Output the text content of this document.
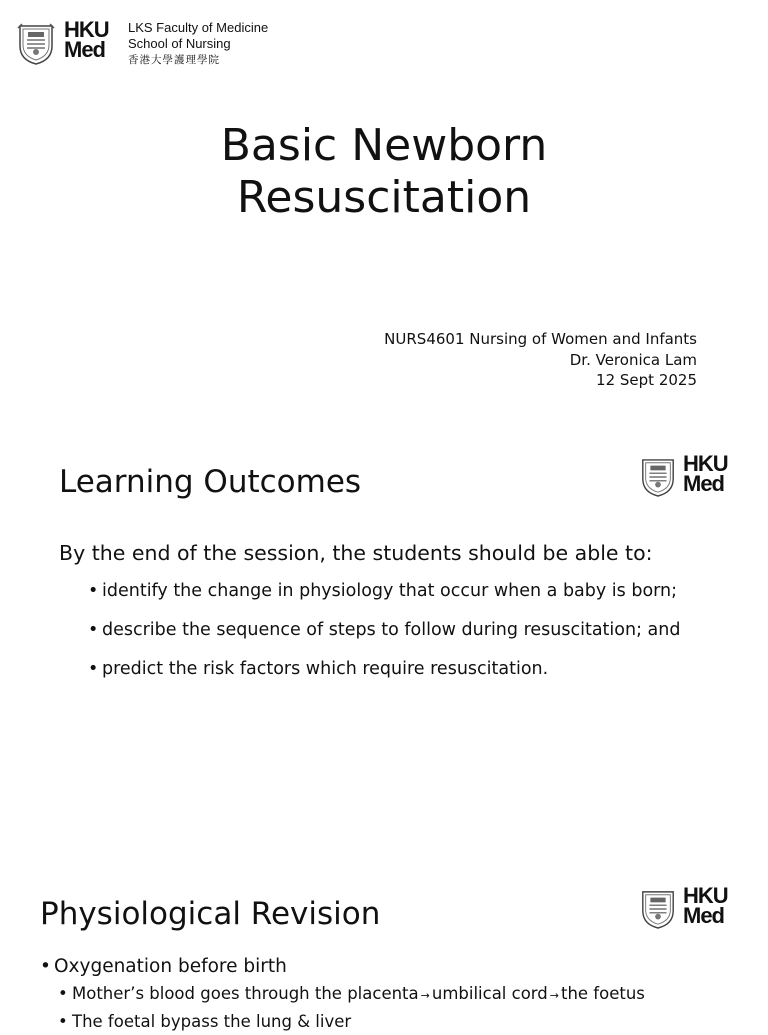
HKU
Med
LKS Faculty of Medicine
School of Nursing
香港大學護理學院
Basic Newborn
Resuscitation
NURS4601 Nursing of Women and Infants
Dr. Veronica Lam
12 Sept 2025
Learning Outcomes
HKU
Med
By the end of the session, the students should be able to:
• identify the change in physiology that occur when a baby is born;
• describe the sequence of steps to follow during resuscitation; and
• predict the risk factors which require resuscitation.
Physiological Revision
HKU
Med
• Oxygenation before birth
• Mother’s blood goes through the placenta → umbilical cord → the foetus
• The foetal bypass the lung & liver
